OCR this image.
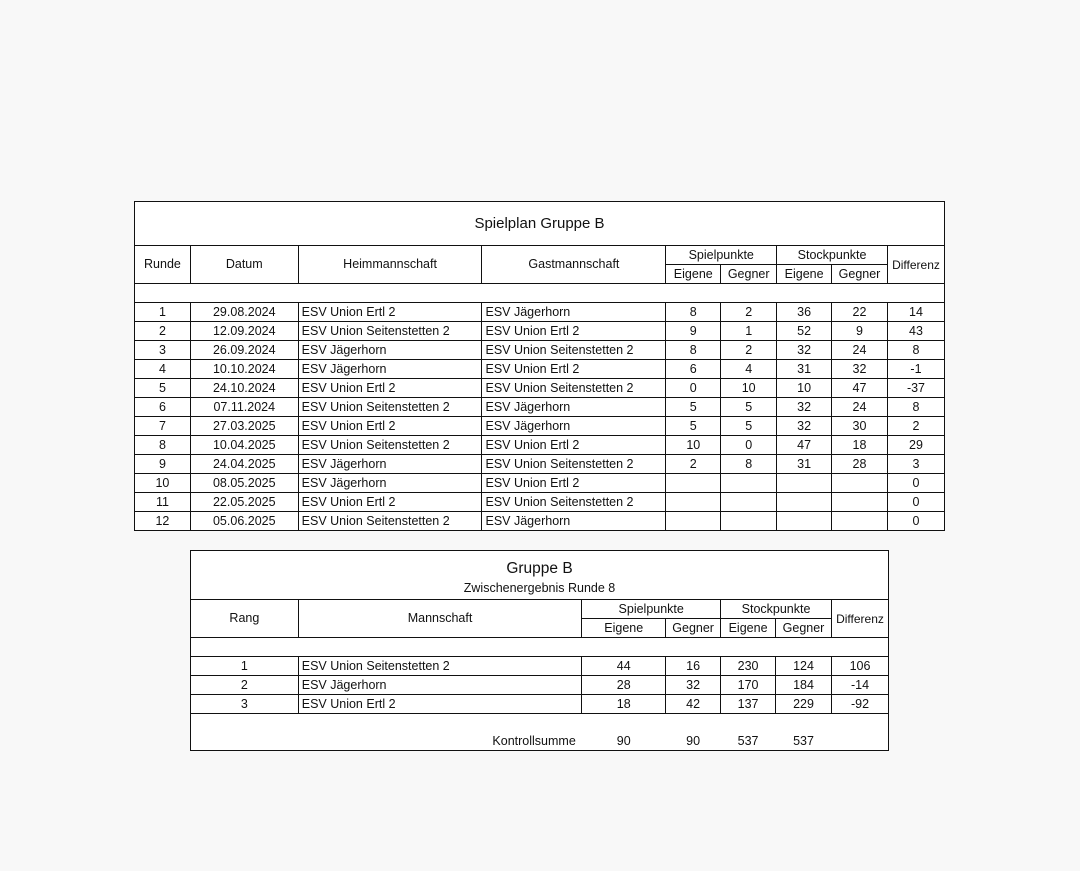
Spielplan Gruppe B								
Runde	Datum	Heimmannschaft	Gastmannschaft	Spielpunkte		Stockpunkte		Differenz
				Eigene	Gegner	Eigene	Gegner	

1	29.08.2024	ESV Union Ertl 2	ESV Jägerhorn	8	2	36	22	14
2	12.09.2024	ESV Union Seitenstetten 2	ESV Union Ertl 2	9	1	52	9	43
3	26.09.2024	ESV Jägerhorn	ESV Union Seitenstetten 2	8	2	32	24	8
4	10.10.2024	ESV Jägerhorn	ESV Union Ertl 2	6	4	31	32	-1
5	24.10.2024	ESV Union Ertl 2	ESV Union Seitenstetten 2	0	10	10	47	-37
6	07.11.2024	ESV Union Seitenstetten 2	ESV Jägerhorn	5	5	32	24	8
7	27.03.2025	ESV Union Ertl 2	ESV Jägerhorn	5	5	32	30	2
8	10.04.2025	ESV Union Seitenstetten 2	ESV Union Ertl 2	10	0	47	18	29
9	24.04.2025	ESV Jägerhorn	ESV Union Seitenstetten 2	2	8	31	28	3
10	08.05.2025	ESV Jägerhorn	ESV Union Ertl 2					0
11	22.05.2025	ESV Union Ertl 2	ESV Union Seitenstetten 2					0
12	05.06.2025	ESV Union Seitenstetten 2	ESV Jägerhorn					0
Gruppe B						
Zwischenergebnis Runde 8						
Rang	Mannschaft	Spielpunkte		Stockpunkte		Differenz
		Eigene	Gegner	Eigene	Gegner	

1	ESV Union Seitenstetten 2	44	16	230	124	106
2	ESV Jägerhorn	28	32	170	184	-14
3	ESV Union Ertl 2	18	42	137	229	-92

Kontrollsumme		90	90	537	537	
